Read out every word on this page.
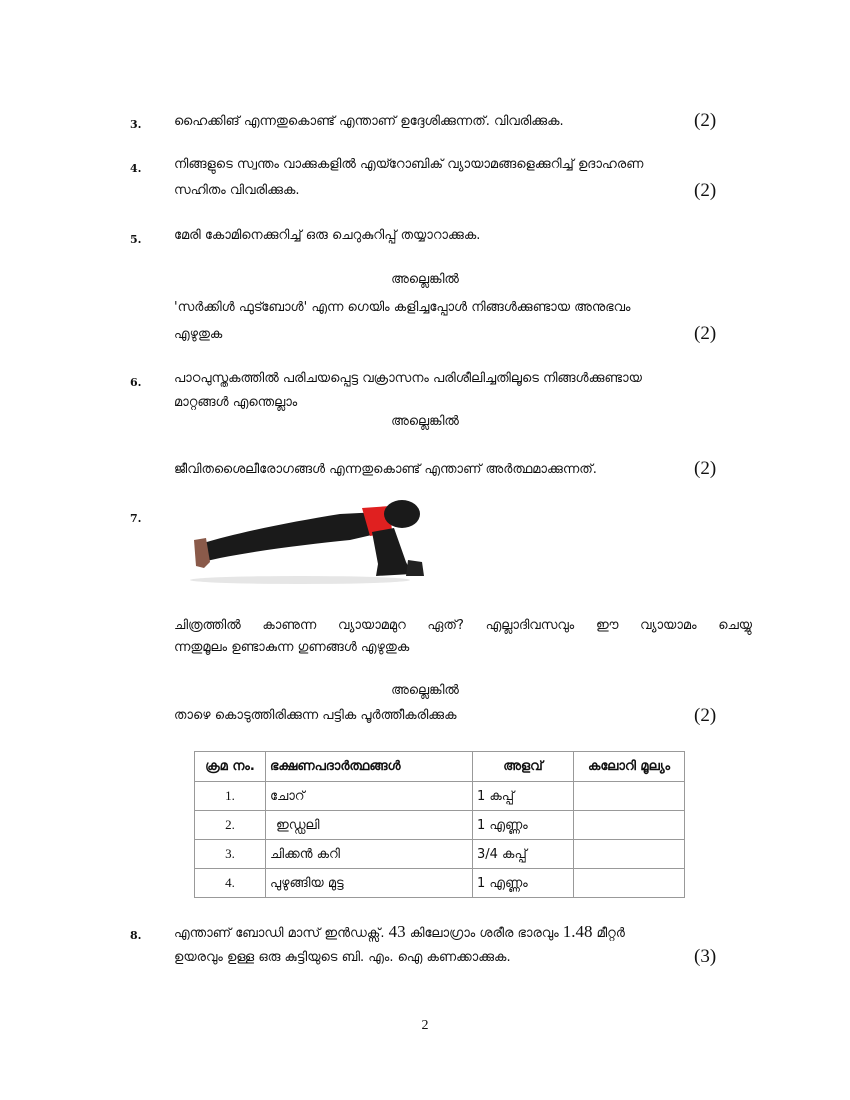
3.	ഹൈക്കിങ് എന്നതുകൊണ്ട് എന്താണ് ഉദ്ദേശിക്കുന്നത്. വിവരിക്കുക.	(2)
4.	നിങ്ങളുടെ സ്വന്തം വാക്കുകളിൽ എയ്റോബിക് വ്യായാമങ്ങളെക്കുറിച്ച് ഉദാഹരണ
സഹിതം വിവരിക്കുക.	(2)
5.	മേരി കോമിനെക്കുറിച്ച് ഒരു ചെറുകുറിപ്പ് തയ്യാറാക്കുക.
അല്ലെങ്കിൽ
'സർക്കിൾ ഫുട്ബോൾ' എന്ന ഗെയിം കളിച്ചപ്പോൾ നിങ്ങൾക്കുണ്ടായ അനുഭവം
എഴുതുക	(2)
6.	പാഠപുസ്തകത്തിൽ പരിചയപ്പെട്ട വക്രാസനം പരിശീലിച്ചതിലൂടെ നിങ്ങൾക്കുണ്ടായ
മാറ്റങ്ങൾ എന്തെല്ലാം
അല്ലെങ്കിൽ
ജീവിതശൈലീരോഗങ്ങൾ എന്നതുകൊണ്ട് എന്താണ് അർത്ഥമാക്കുന്നത്.	(2)
7.
ചിത്രത്തിൽ കാണുന്ന വ്യായാമമുറ ഏത്? എല്ലാദിവസവും ഈ വ്യായാമം ചെയ്യു
ന്നതുമൂലം ഉണ്ടാകുന്ന ഗുണങ്ങൾ എഴുതുക
അല്ലെങ്കിൽ
താഴെ കൊടുത്തിരിക്കുന്ന പട്ടിക പൂർത്തീകരിക്കുക	(2)
ക്രമ നം.	ഭക്ഷണപദാർത്ഥങ്ങൾ	അളവ്	കലോറി മൂല്യം
1.	ചോറ്	1 കപ്പ്	
2.	ഇഡ്ഡലി	1 എണ്ണം	
3.	ചിക്കൻ കറി	3/4 കപ്പ്	
4.	പുഴുങ്ങിയ മുട്ട	1 എണ്ണം	
8.	എന്താണ് ബോഡി മാസ് ഇൻഡക്സ്. 43 കിലോഗ്രാം ശരീര ഭാരവും 1.48 മീറ്റർ
ഉയരവും ഉള്ള ഒരു കുട്ടിയുടെ ബി. എം. ഐ കണക്കാക്കുക.	(3)
2
